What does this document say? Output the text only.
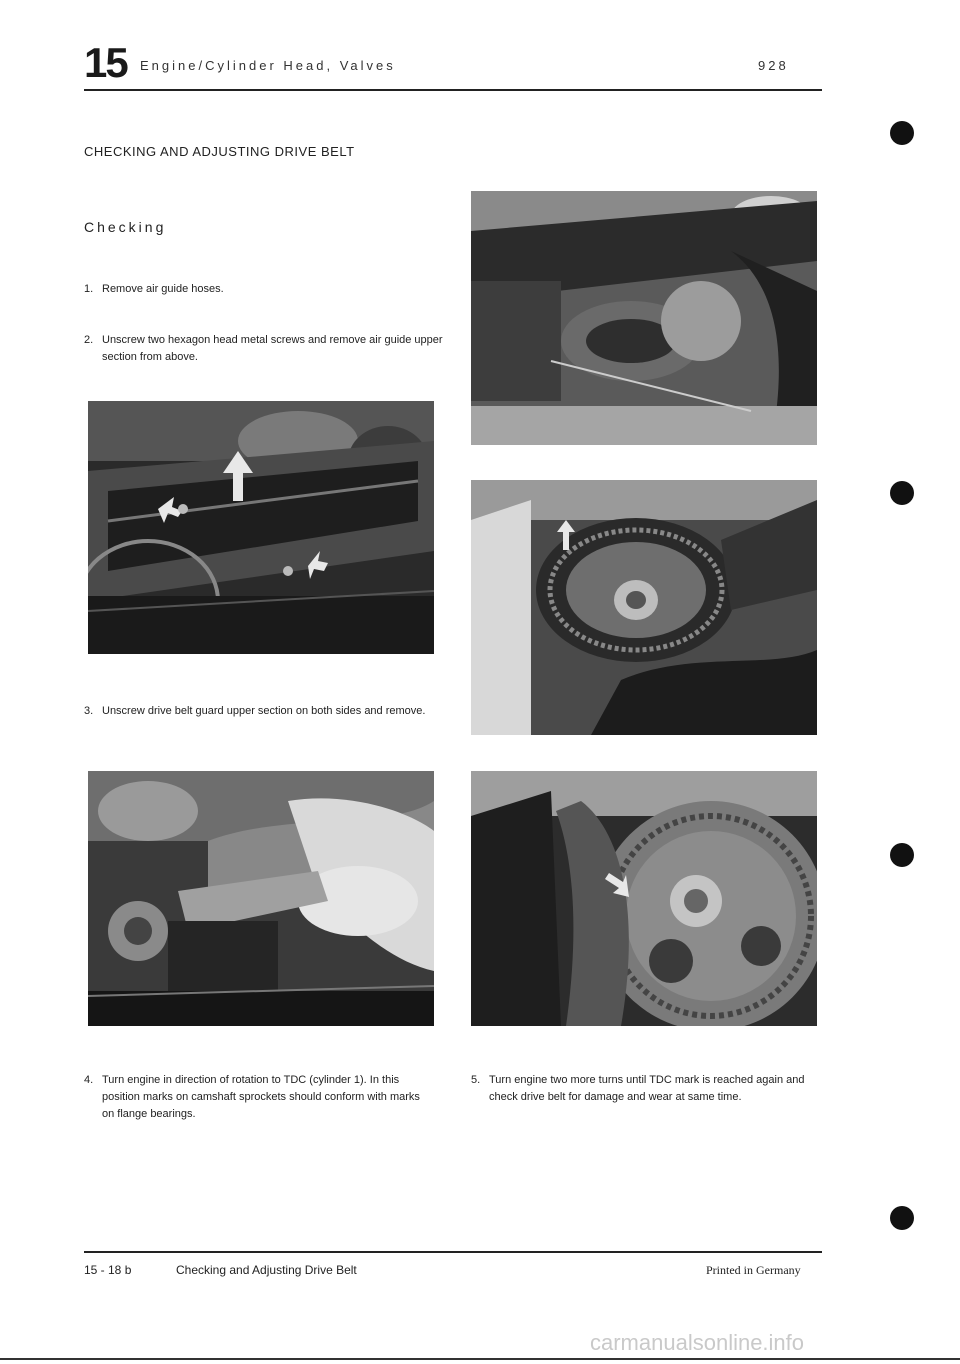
15 Engine/Cylinder Head, Valves	928
CHECKING AND ADJUSTING DRIVE BELT
Checking
1. Remove air guide hoses.
2. Unscrew two hexagon head metal screws and remove air guide upper section from above.
3. Unscrew drive belt guard upper section on both sides and remove.
4. Turn engine in direction of rotation to TDC (cylinder 1). In this position marks on camshaft sprockets should conform with marks on flange bearings.
5. Turn engine two more turns until TDC mark is reached again and check drive belt for damage and wear at same time.
15 - 18 b	Checking and Adjusting Drive Belt	Printed in Germany
carmanualsonline.info
